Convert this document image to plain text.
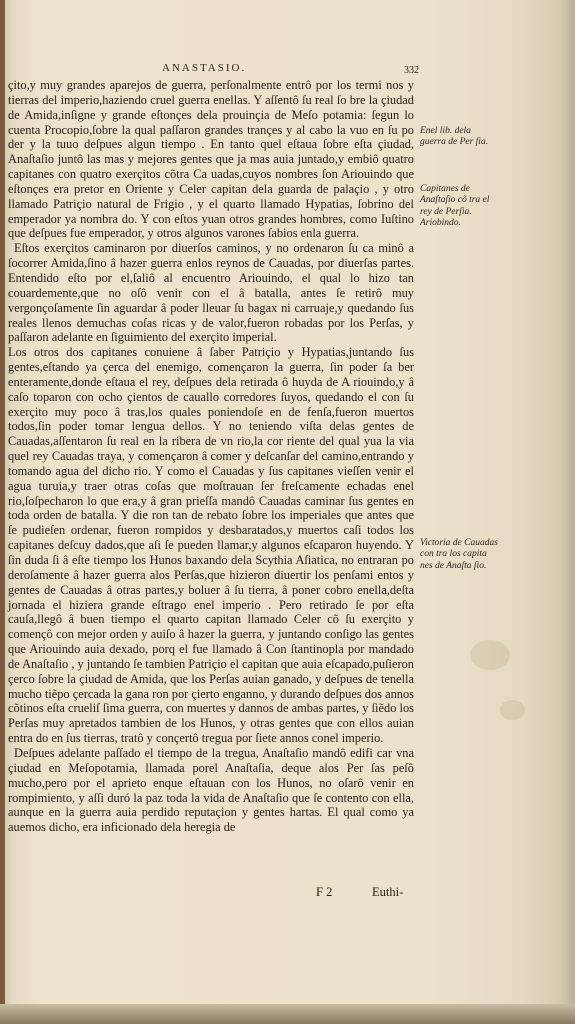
ANASTASIO.	332

çito,y muy grandes aparejos de guerra, perſonalmente entrô por los termi nos y tierras del imperio,haziendo cruel guerra enellas. Y aſſentô ſu real ſo bre la çiudad de Amida,inſigne y grande eſtonçes dela prouinçia de Meſo potamia: ſegun lo cuenta Procopio,ſobre la qual paſſaron grandes trançes y al cabo la vuo en ſu po der y la tuuo deſpues algun tiempo . En tanto quel eſtaua ſobre eſta çiudad, Anaſtaſio juntô las mas y mejores gentes que ja mas auia juntado,y embiô quatro capitanes con quatro exerçitos cõtra Ca uadas,cuyos nombres ſon Ariouindo que eſtonçes era pretor en Oriente y Celer capitan dela guarda de palaçio , y otro llamado Patriçio natural de Frigio , y el quarto llamado Hypatias, ſobrino del emperador ya nombra do. Y con eſtos yuan otros grandes hombres, como Iuſtino que deſpues fue emperador, y otros algunos varones ſabios enla guerra.

Eſtos exerçitos caminaron por diuerſos caminos, y no ordenaron ſu ca minô a ſocorrer Amida,ſino â hazer guerra enlos reynos de Cauadas, por diuerſas partes. Entendido eſto por el,ſaliô al encuentro Ariouindo, el qual lo hizo tan couardemente,que no oſô venir con el â batalla, antes ſe retirô muy vergonçoſamente ſin aguardar â poder lleuar ſu bagax ni carruaje,y quedando ſus reales llenos demuchas coſas ricas y de valor,fueron robadas por los Perſas, y paſſaron adelante en ſiguimiento del exerçito imperial.

Los otros dos capitanes conuiene â ſaber Patriçio y Hypatias,juntando ſus gentes,eſtando ya çerca del enemigo, començaron la guerra, ſin poder ſa ber enteramente,donde eſtaua el rey, deſpues dela retirada ô huyda de A riouindo,y â caſo toparon con ocho çientos de cauallo corredores ſuyos, quedando el con ſu exerçito muy poco â tras,los quales poniendoſe en de fenſa,fueron muertos todos,ſin poder tomar lengua dellos. Y no teniendo viſta delas gentes de Cauadas,aſſentaron ſu real en la ribera de vn rio,la cor riente del qual yua la via quel rey Cauadas traya, y començaron â comer y deſcanſar del camino,entrando y tomando agua del dicho rio. Y como el Cauadas y ſus capitanes vieſſen venir el agua turuia,y traer otras coſas que moſtrauan ſer freſcamente echadas enel rio,ſoſpecharon lo que era,y â gran prieſſa mandô Cauadas caminar ſus gentes en toda orden de batalla. Y die ron tan de rebato ſobre los imperiales que antes que ſe pudieſen ordenar, fueron rompidos y desbaratados,y muertos caſi todos los capitanes deſcuy dados,que aſi ſe pueden llamar,y algunos eſcaparon huyendo. Y ſin duda ſi â eſte tiempo los Hunos baxando dela Scythia Aſiatica, no entraran po deroſamente â hazer guerra alos Perſas,que hizieron diuertir los penſami entos y gentes de Cauadas â otras partes,y boluer â ſu tierra, â poner cobro enella,deſta jornada el hiziera grande eſtrago enel imperio . Pero retirado ſe por eſta cauſa,llegô â buen tiempo el quarto capitan llamado Celer cõ ſu exerçito y començô con mejor orden y auiſo â hazer la guerra, y juntando conſigo las gentes que Ariouindo auia dexado, porq el fue llamado â Con ſtantinopla por mandado de Anaſtaſio , y juntando ſe tambien Patriçio el capitan que auia eſcapado,puſieron çerco ſobre la çiudad de Amida, que los Perſas auian ganado, y deſpues de tenella mucho tiẽpo çercada la gana ron por çierto enganno, y durando deſpues dos annos cõtinos eſta crueliſ ſima guerra, con muertes y dannos de ambas partes, y ſiẽdo los Perſas muy apretados tambien de los Hunos, y otras gentes que con ellos auian entra do en ſus tierras, tratô y conçertô tregua por ſiete annos conel imperio.

Deſpues adelante paſſado el tiempo de la tregua, Anaſtaſio mandô edifi car vna çiudad en Meſopotamia, llamada porel Anaſtaſia, deque alos Per ſas peſô mucho,pero por el aprieto enque eſtauan con los Hunos, no oſarô venir en rompimiento, y aſſi duró la paz toda la vida de Anaſtaſio que ſe contento con ella, aunque en la guerra auia perdido reputaçion y gentes hartas. El qual como ya auemos dicho, era inficionado dela heregia de

Enel lib. dela guerra de Per ſia.
Capitanes de Anaſtaſio cõ tra el rey de Perſia. Ariobindo.
Victoria de Cauadas con tra los capita nes de Anaſta ſio.
F 2	Euthi-
